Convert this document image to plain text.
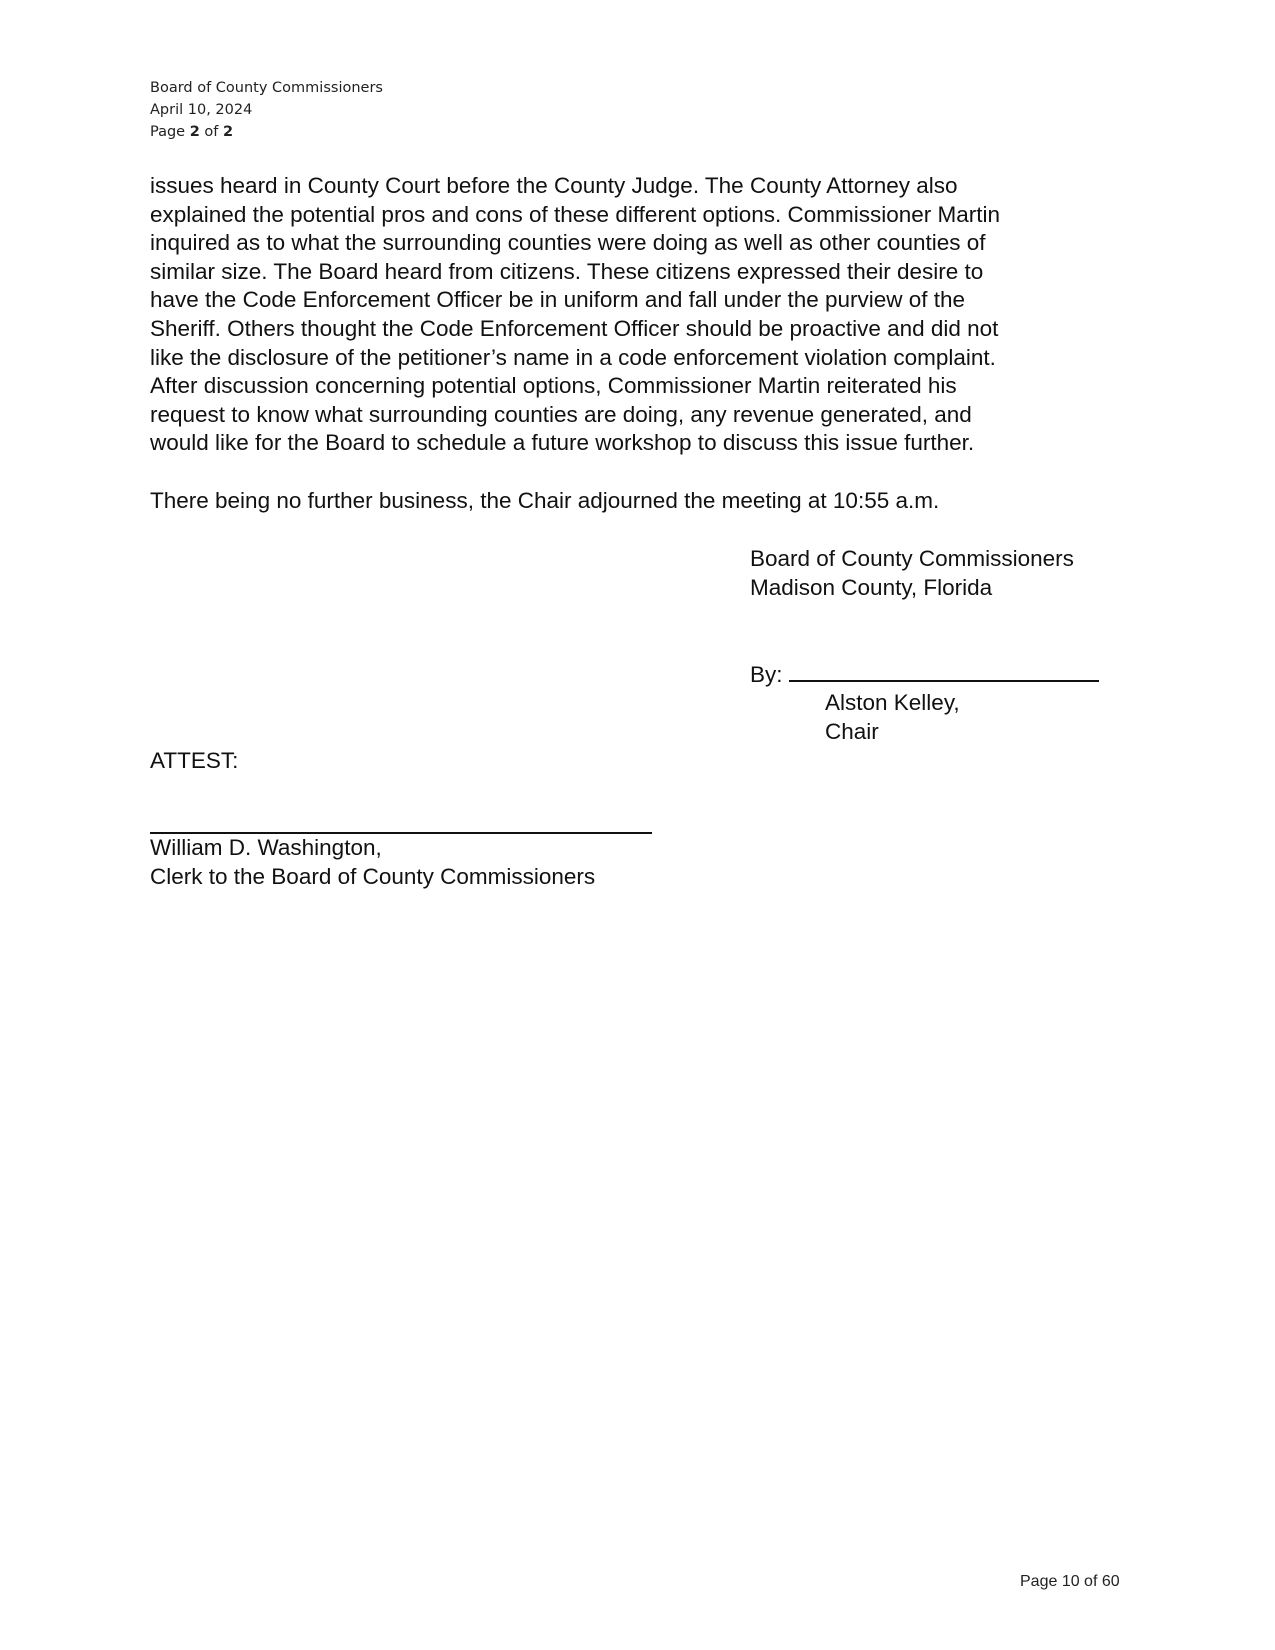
Board of County Commissioners
April 10, 2024
Page 2 of 2
issues heard in County Court before the County Judge. The County Attorney also
explained the potential pros and cons of these different options. Commissioner Martin
inquired as to what the surrounding counties were doing as well as other counties of
similar size. The Board heard from citizens. These citizens expressed their desire to
have the Code Enforcement Officer be in uniform and fall under the purview of the
Sheriff. Others thought the Code Enforcement Officer should be proactive and did not
like the disclosure of the petitioner’s name in a code enforcement violation complaint.
After discussion concerning potential options, Commissioner Martin reiterated his
request to know what surrounding counties are doing, any revenue generated, and
would like for the Board to schedule a future workshop to discuss this issue further.
There being no further business, the Chair adjourned the meeting at 10:55 a.m.
Board of County Commissioners
Madison County, Florida
By:
Alston Kelley,
Chair
ATTEST:
William D. Washington,
Clerk to the Board of County Commissioners
Page 10 of 60
